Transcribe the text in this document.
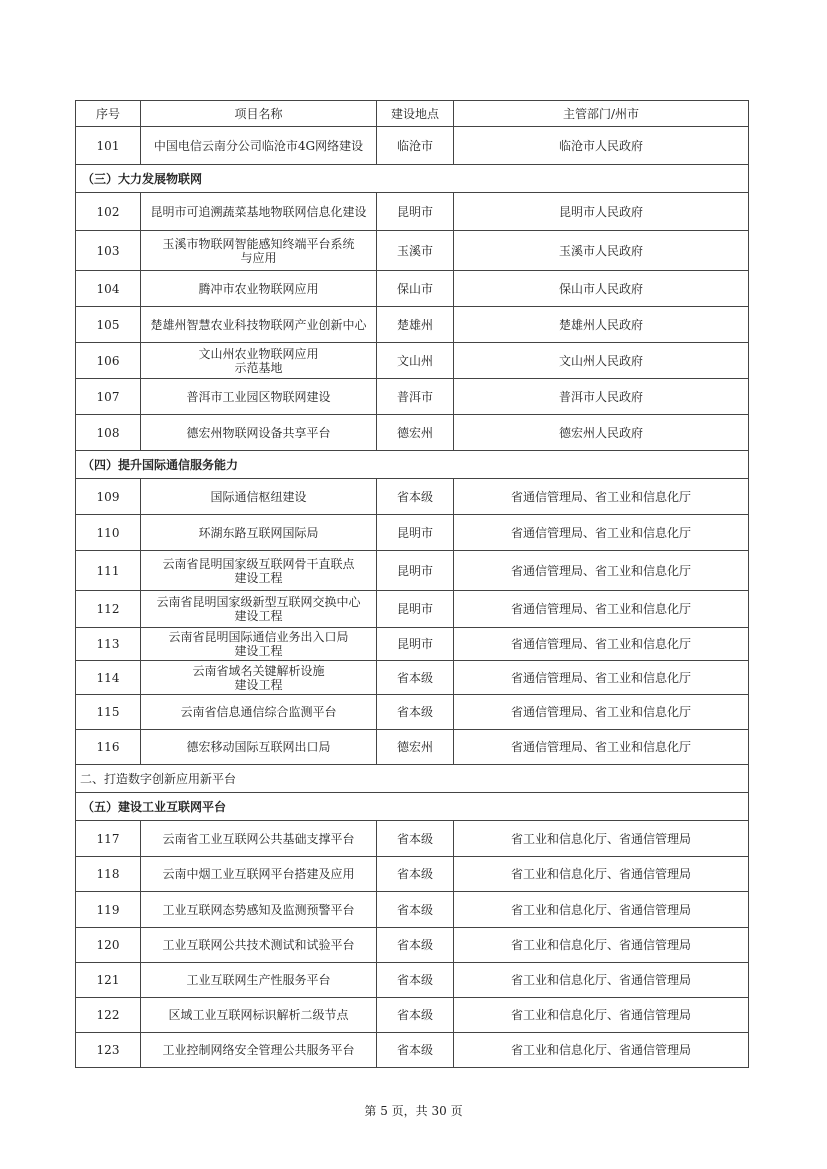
序号	项目名称	建设地点	主管部门/州市
101	中国电信云南分公司临沧市4G网络建设	临沧市	临沧市人民政府
（三）大力发展物联网			
102	昆明市可追溯蔬菜基地物联网信息化建设	昆明市	昆明市人民政府
103	玉溪市物联网智能感知终端平台系统
与应用	玉溪市	玉溪市人民政府
104	腾冲市农业物联网应用	保山市	保山市人民政府
105	楚雄州智慧农业科技物联网产业创新中心	楚雄州	楚雄州人民政府
106	文山州农业物联网应用
示范基地	文山州	文山州人民政府
107	普洱市工业园区物联网建设	普洱市	普洱市人民政府
108	德宏州物联网设备共享平台	德宏州	德宏州人民政府
（四）提升国际通信服务能力			
109	国际通信枢纽建设	省本级	省通信管理局、省工业和信息化厅
110	环湖东路互联网国际局	昆明市	省通信管理局、省工业和信息化厅
111	云南省昆明国家级互联网骨干直联点
建设工程	昆明市	省通信管理局、省工业和信息化厅
112	云南省昆明国家级新型互联网交换中心
建设工程	昆明市	省通信管理局、省工业和信息化厅
113	云南省昆明国际通信业务出入口局
建设工程	昆明市	省通信管理局、省工业和信息化厅
114	云南省域名关键解析设施
建设工程	省本级	省通信管理局、省工业和信息化厅
115	云南省信息通信综合监测平台	省本级	省通信管理局、省工业和信息化厅
116	德宏移动国际互联网出口局	德宏州	省通信管理局、省工业和信息化厅
二、打造数字创新应用新平台			
（五）建设工业互联网平台			
117	云南省工业互联网公共基础支撑平台	省本级	省工业和信息化厅、省通信管理局
118	云南中烟工业互联网平台搭建及应用	省本级	省工业和信息化厅、省通信管理局
119	工业互联网态势感知及监测预警平台	省本级	省工业和信息化厅、省通信管理局
120	工业互联网公共技术测试和试验平台	省本级	省工业和信息化厅、省通信管理局
121	工业互联网生产性服务平台	省本级	省工业和信息化厅、省通信管理局
122	区域工业互联网标识解析二级节点	省本级	省工业和信息化厅、省通信管理局
123	工业控制网络安全管理公共服务平台	省本级	省工业和信息化厅、省通信管理局
第 5 页，共 30 页
